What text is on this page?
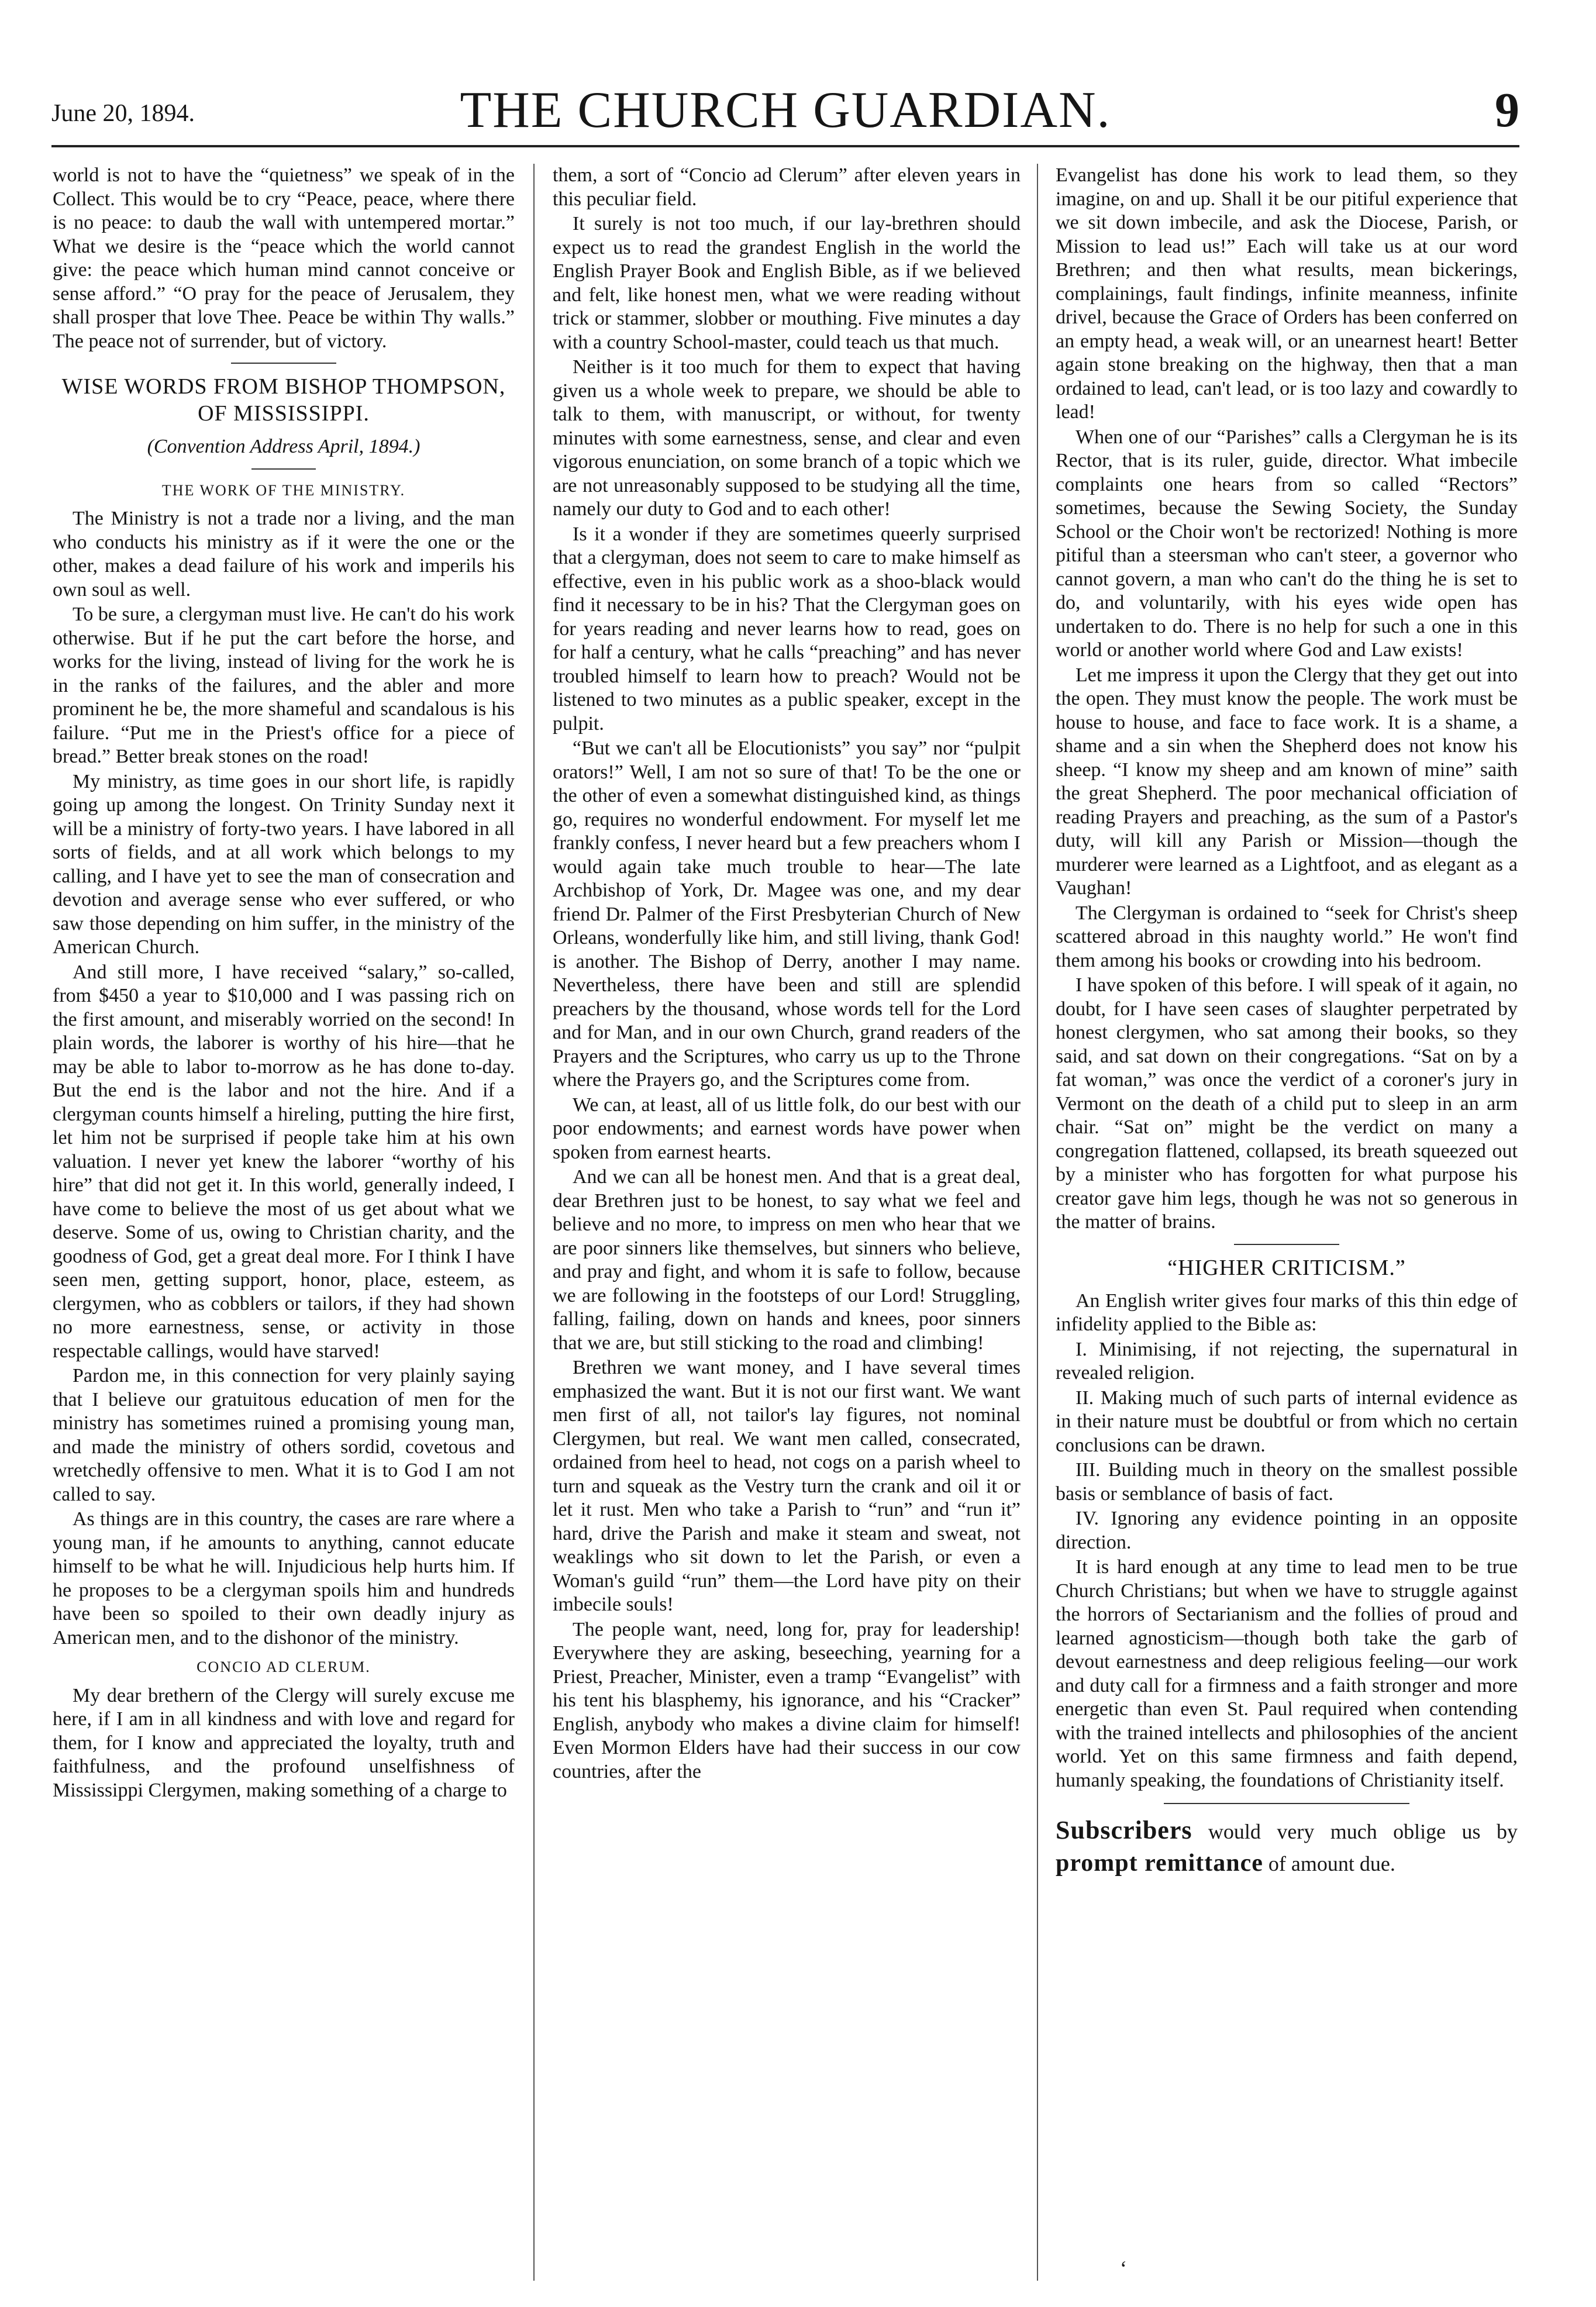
June 20, 1894.	THE CHURCH GUARDIAN.	9

world is not to have the “quietness” we speak of in the Collect. This would be to cry “Peace, peace, where there is no peace: to daub the wall with untempered mortar.” What we desire is the “peace which the world cannot give: the peace which human mind cannot conceive or sense afford.” “O pray for the peace of Jerusalem, they shall prosper that love Thee. Peace be within Thy walls.” The peace not of surrender, but of victory.

WISE WORDS FROM BISHOP THOMPSON, OF MISSISSIPPI.
(Convention Address April, 1894.)
THE WORK OF THE MINISTRY.

The Ministry is not a trade nor a living, and the man who conducts his ministry as if it were the one or the other, makes a dead failure of his work and imperils his own soul as well.

To be sure, a clergyman must live. He can't do his work otherwise. But if he put the cart before the horse, and works for the living, instead of living for the work he is in the ranks of the failures, and the abler and more prominent he be, the more shameful and scandalous is his failure. “Put me in the Priest's office for a piece of bread.” Better break stones on the road!

My ministry, as time goes in our short life, is rapidly going up among the longest. On Trinity Sunday next it will be a ministry of forty-two years. I have labored in all sorts of fields, and at all work which belongs to my calling, and I have yet to see the man of consecration and devotion and average sense who ever suffered, or who saw those depending on him suffer, in the ministry of the American Church.

And still more, I have received “salary,” so-called, from $450 a year to $10,000 and I was passing rich on the first amount, and miserably worried on the second! In plain words, the laborer is worthy of his hire—that he may be able to labor to-morrow as he has done to-day. But the end is the labor and not the hire. And if a clergyman counts himself a hireling, putting the hire first, let him not be surprised if people take him at his own valuation. I never yet knew the laborer “worthy of his hire” that did not get it. In this world, generally indeed, I have come to believe the most of us get about what we deserve. Some of us, owing to Christian charity, and the goodness of God, get a great deal more. For I think I have seen men, getting support, honor, place, esteem, as clergymen, who as cobblers or tailors, if they had shown no more earnestness, sense, or activity in those respectable callings, would have starved!

Pardon me, in this connection for very plainly saying that I believe our gratuitous education of men for the ministry has sometimes ruined a promising young man, and made the ministry of others sordid, covetous and wretchedly offensive to men. What it is to God I am not called to say.

As things are in this country, the cases are rare where a young man, if he amounts to anything, cannot educate himself to be what he will. Injudicious help hurts him. If he proposes to be a clergyman spoils him and hundreds have been so spoiled to their own deadly injury as American men, and to the dishonor of the ministry.

CONCIO AD CLERUM.

My dear brethern of the Clergy will surely excuse me here, if I am in all kindness and with love and regard for them, for I know and appreciated the loyalty, truth and faithfulness, and the profound unselfishness of Mississippi Clergymen, making something of a charge to

them, a sort of “Concio ad Clerum” after eleven years in this peculiar field.

It surely is not too much, if our lay-brethren should expect us to read the grandest English in the world the English Prayer Book and English Bible, as if we believed and felt, like honest men, what we were reading without trick or stammer, slobber or mouthing. Five minutes a day with a country School-master, could teach us that much.

Neither is it too much for them to expect that having given us a whole week to prepare, we should be able to talk to them, with manuscript, or without, for twenty minutes with some earnestness, sense, and clear and even vigorous enunciation, on some branch of a topic which we are not unreasonably supposed to be studying all the time, namely our duty to God and to each other!

Is it a wonder if they are sometimes queerly surprised that a clergyman, does not seem to care to make himself as effective, even in his public work as a shoo-black would find it necessary to be in his? That the Clergyman goes on for years reading and never learns how to read, goes on for half a century, what he calls “preaching” and has never troubled himself to learn how to preach? Would not be listened to two minutes as a public speaker, except in the pulpit.

“But we can't all be Elocutionists” you say” nor “pulpit orators!” Well, I am not so sure of that! To be the one or the other of even a somewhat distinguished kind, as things go, requires no wonderful endowment. For myself let me frankly confess, I never heard but a few preachers whom I would again take much trouble to hear—The late Archbishop of York, Dr. Magee was one, and my dear friend Dr. Palmer of the First Presbyterian Church of New Orleans, wonderfully like him, and still living, thank God! is another. The Bishop of Derry, another I may name. Nevertheless, there have been and still are splendid preachers by the thousand, whose words tell for the Lord and for Man, and in our own Church, grand readers of the Prayers and the Scriptures, who carry us up to the Throne where the Prayers go, and the Scriptures come from.

We can, at least, all of us little folk, do our best with our poor endowments; and earnest words have power when spoken from earnest hearts.

And we can all be honest men. And that is a great deal, dear Brethren just to be honest, to say what we feel and believe and no more, to impress on men who hear that we are poor sinners like themselves, but sinners who believe, and pray and fight, and whom it is safe to follow, because we are following in the footsteps of our Lord! Struggling, falling, failing, down on hands and knees, poor sinners that we are, but still sticking to the road and climbing!

Brethren we want money, and I have several times emphasized the want. But it is not our first want. We want men first of all, not tailor's lay figures, not nominal Clergymen, but real. We want men called, consecrated, ordained from heel to head, not cogs on a parish wheel to turn and squeak as the Vestry turn the crank and oil it or let it rust. Men who take a Parish to “run” and “run it” hard, drive the Parish and make it steam and sweat, not weaklings who sit down to let the Parish, or even a Woman's guild “run” them—the Lord have pity on their imbecile souls!

The people want, need, long for, pray for leadership! Everywhere they are asking, beseeching, yearning for a Priest, Preacher, Minister, even a tramp “Evangelist” with his tent his blasphemy, his ignorance, and his “Cracker” English, anybody who makes a divine claim for himself! Even Mormon Elders have had their success in our cow countries, after the

Evangelist has done his work to lead them, so they imagine, on and up. Shall it be our pitiful experience that we sit down imbecile, and ask the Diocese, Parish, or Mission to lead us!” Each will take us at our word Brethren; and then what results, mean bickerings, complainings, fault findings, infinite meanness, infinite drivel, because the Grace of Orders has been conferred on an empty head, a weak will, or an unearnest heart! Better again stone breaking on the highway, then that a man ordained to lead, can't lead, or is too lazy and cowardly to lead!

When one of our “Parishes” calls a Clergyman he is its Rector, that is its ruler, guide, director. What imbecile complaints one hears from so called “Rectors” sometimes, because the Sewing Society, the Sunday School or the Choir won't be rectorized! Nothing is more pitiful than a steersman who can't steer, a governor who cannot govern, a man who can't do the thing he is set to do, and voluntarily, with his eyes wide open has undertaken to do. There is no help for such a one in this world or another world where God and Law exists!

Let me impress it upon the Clergy that they get out into the open. They must know the people. The work must be house to house, and face to face work. It is a shame, a shame and a sin when the Shepherd does not know his sheep. “I know my sheep and am known of mine” saith the great Shepherd. The poor mechanical officiation of reading Prayers and preaching, as the sum of a Pastor's duty, will kill any Parish or Mission—though the murderer were learned as a Lightfoot, and as elegant as a Vaughan!

The Clergyman is ordained to “seek for Christ's sheep scattered abroad in this naughty world.” He won't find them among his books or crowding into his bedroom.

I have spoken of this before. I will speak of it again, no doubt, for I have seen cases of slaughter perpetrated by honest clergymen, who sat among their books, so they said, and sat down on their congregations. “Sat on by a fat woman,” was once the verdict of a coroner's jury in Vermont on the death of a child put to sleep in an arm chair. “Sat on” might be the verdict on many a congregation flattened, collapsed, its breath squeezed out by a minister who has forgotten for what purpose his creator gave him legs, though he was not so generous in the matter of brains.

“HIGHER CRITICISM.”

An English writer gives four marks of this thin edge of infidelity applied to the Bible as:

I. Minimising, if not rejecting, the supernatural in revealed religion.

II. Making much of such parts of internal evidence as in their nature must be doubtful or from which no certain conclusions can be drawn.

III. Building much in theory on the smallest possible basis or semblance of basis of fact.

IV. Ignoring any evidence pointing in an opposite direction.

It is hard enough at any time to lead men to be true Church Christians; but when we have to struggle against the horrors of Sectarianism and the follies of proud and learned agnosticism—though both take the garb of devout earnestness and deep religious feeling—our work and duty call for a firmness and a faith stronger and more energetic than even St. Paul required when contending with the trained intellects and philosophies of the ancient world. Yet on this same firmness and faith depend, humanly speaking, the foundations of Christianity itself.

Subscribers would very much oblige us by prompt remittance of amount due.

‘
